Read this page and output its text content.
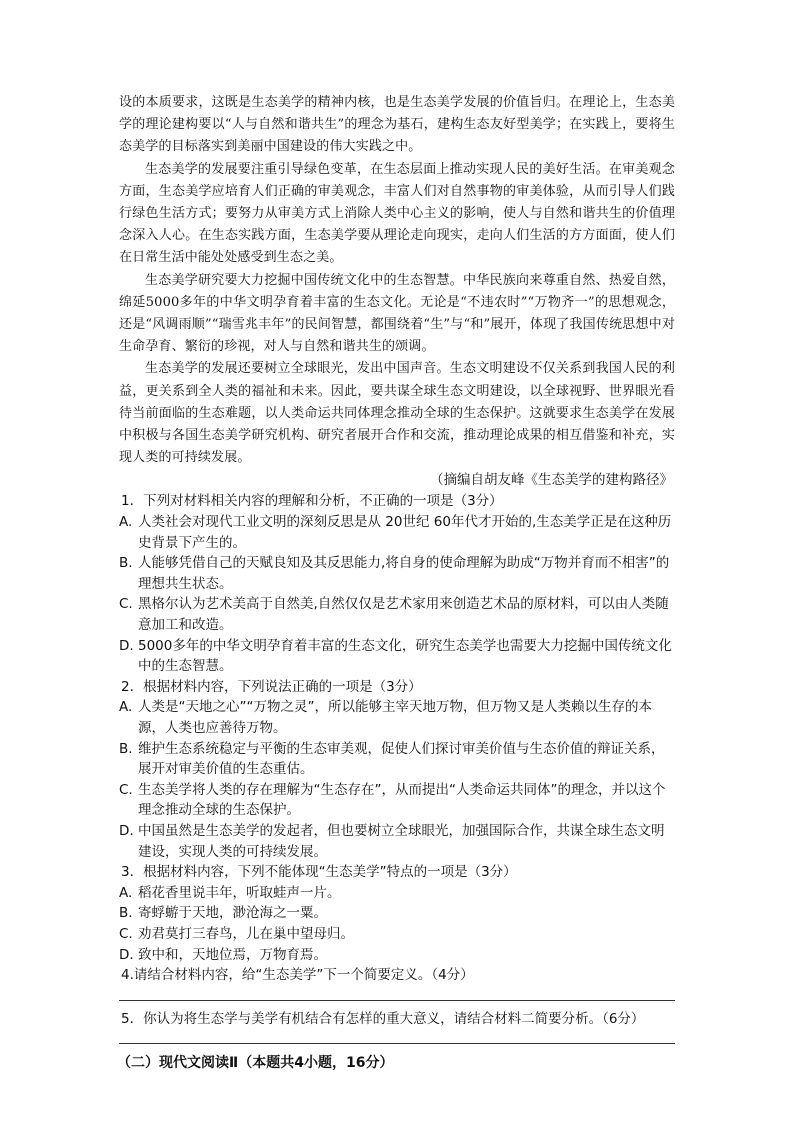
设的本质要求，这既是生态美学的精神内核，也是生态美学发展的价值旨归。在理论上，生态美学的理论建构要以“人与自然和谐共生”的理念为基石，建构生态友好型美学；在实践上，要将生态美学的目标落实到美丽中国建设的伟大实践之中。

生态美学的发展要注重引导绿色变革，在生态层面上推动实现人民的美好生活。在审美观念方面，生态美学应培育人们正确的审美观念，丰富人们对自然事物的审美体验，从而引导人们践行绿色生活方式；要努力从审美方式上消除人类中心主义的影响，使人与自然和谐共生的价值理念深入人心。在生态实践方面，生态美学要从理论走向现实，走向人们生活的方方面面，使人们在日常生活中能处处感受到生态之美。

生态美学研究要大力挖掘中国传统文化中的生态智慧。中华民族向来尊重自然、热爱自然，绵延5000多年的中华文明孕育着丰富的生态文化。无论是“不违农时”“万物齐一”的思想观念，还是“风调雨顺”“瑞雪兆丰年”的民间智慧，都围绕着“生”与“和”展开，体现了我国传统思想中对生命孕育、繁衍的珍视，对人与自然和谐共生的颂调。

生态美学的发展还要树立全球眼光，发出中国声音。生态文明建设不仅关系到我国人民的利益，更关系到全人类的福祉和未来。因此，要共谋全球生态文明建设，以全球视野、世界眼光看待当前面临的生态难题，以人类命运共同体理念推动全球的生态保护。这就要求生态美学在发展中积极与各国生态美学研究机构、研究者展开合作和交流，推动理论成果的相互借鉴和补充，实现人类的可持续发展。

（摘编自胡友峰《生态美学的建构路径》

1．下列对材料相关内容的理解和分析，不正确的一项是（3分）

A. 人类社会对现代工业文明的深刻反思是从 20世纪 60年代才开始的,生态美学正是在这种历史背景下产生的。

B. 人能够凭借自己的天赋良知及其反思能力,将自身的使命理解为助成“万物并育而不相害”的理想共生状态。

C. 黑格尔认为艺术美高于自然美,自然仅仅是艺术家用来创造艺术品的原材料，可以由人类随意加工和改造。

D. 5000多年的中华文明孕育着丰富的生态文化，研究生态美学也需要大力挖掘中国传统文化中的生态智慧。

2．根据材料内容，下列说法正确的一项是（3分）

A. 人类是“天地之心”“万物之灵”，所以能够主宰天地万物，但万物又是人类赖以生存的本源，人类也应善待万物。

B. 维护生态系统稳定与平衡的生态审美观，促使人们探讨审美价值与生态价值的辩证关系，展开对审美价值的生态重估。

C. 生态美学将人类的存在理解为“生态存在”，从而提出“人类命运共同体”的理念，并以这个理念推动全球的生态保护。

D. 中国虽然是生态美学的发起者，但也要树立全球眼光，加强国际合作，共谋全球生态文明建设，实现人类的可持续发展。

3．根据材料内容，下列不能体现“生态美学”特点的一项是（3分）

A. 稻花香里说丰年，听取蛙声一片。

B. 寄蜉蝣于天地，渺沧海之一粟。

C. 劝君莫打三春鸟，儿在巢中望母归。

D. 致中和，天地位焉，万物育焉。

4.请结合材料内容，给“生态美学”下一个简要定义。（4分）

5．你认为将生态学与美学有机结合有怎样的重大意义，请结合材料二简要分析。（6分）

（二）现代文阅读Ⅱ（本题共4小题，16分）
